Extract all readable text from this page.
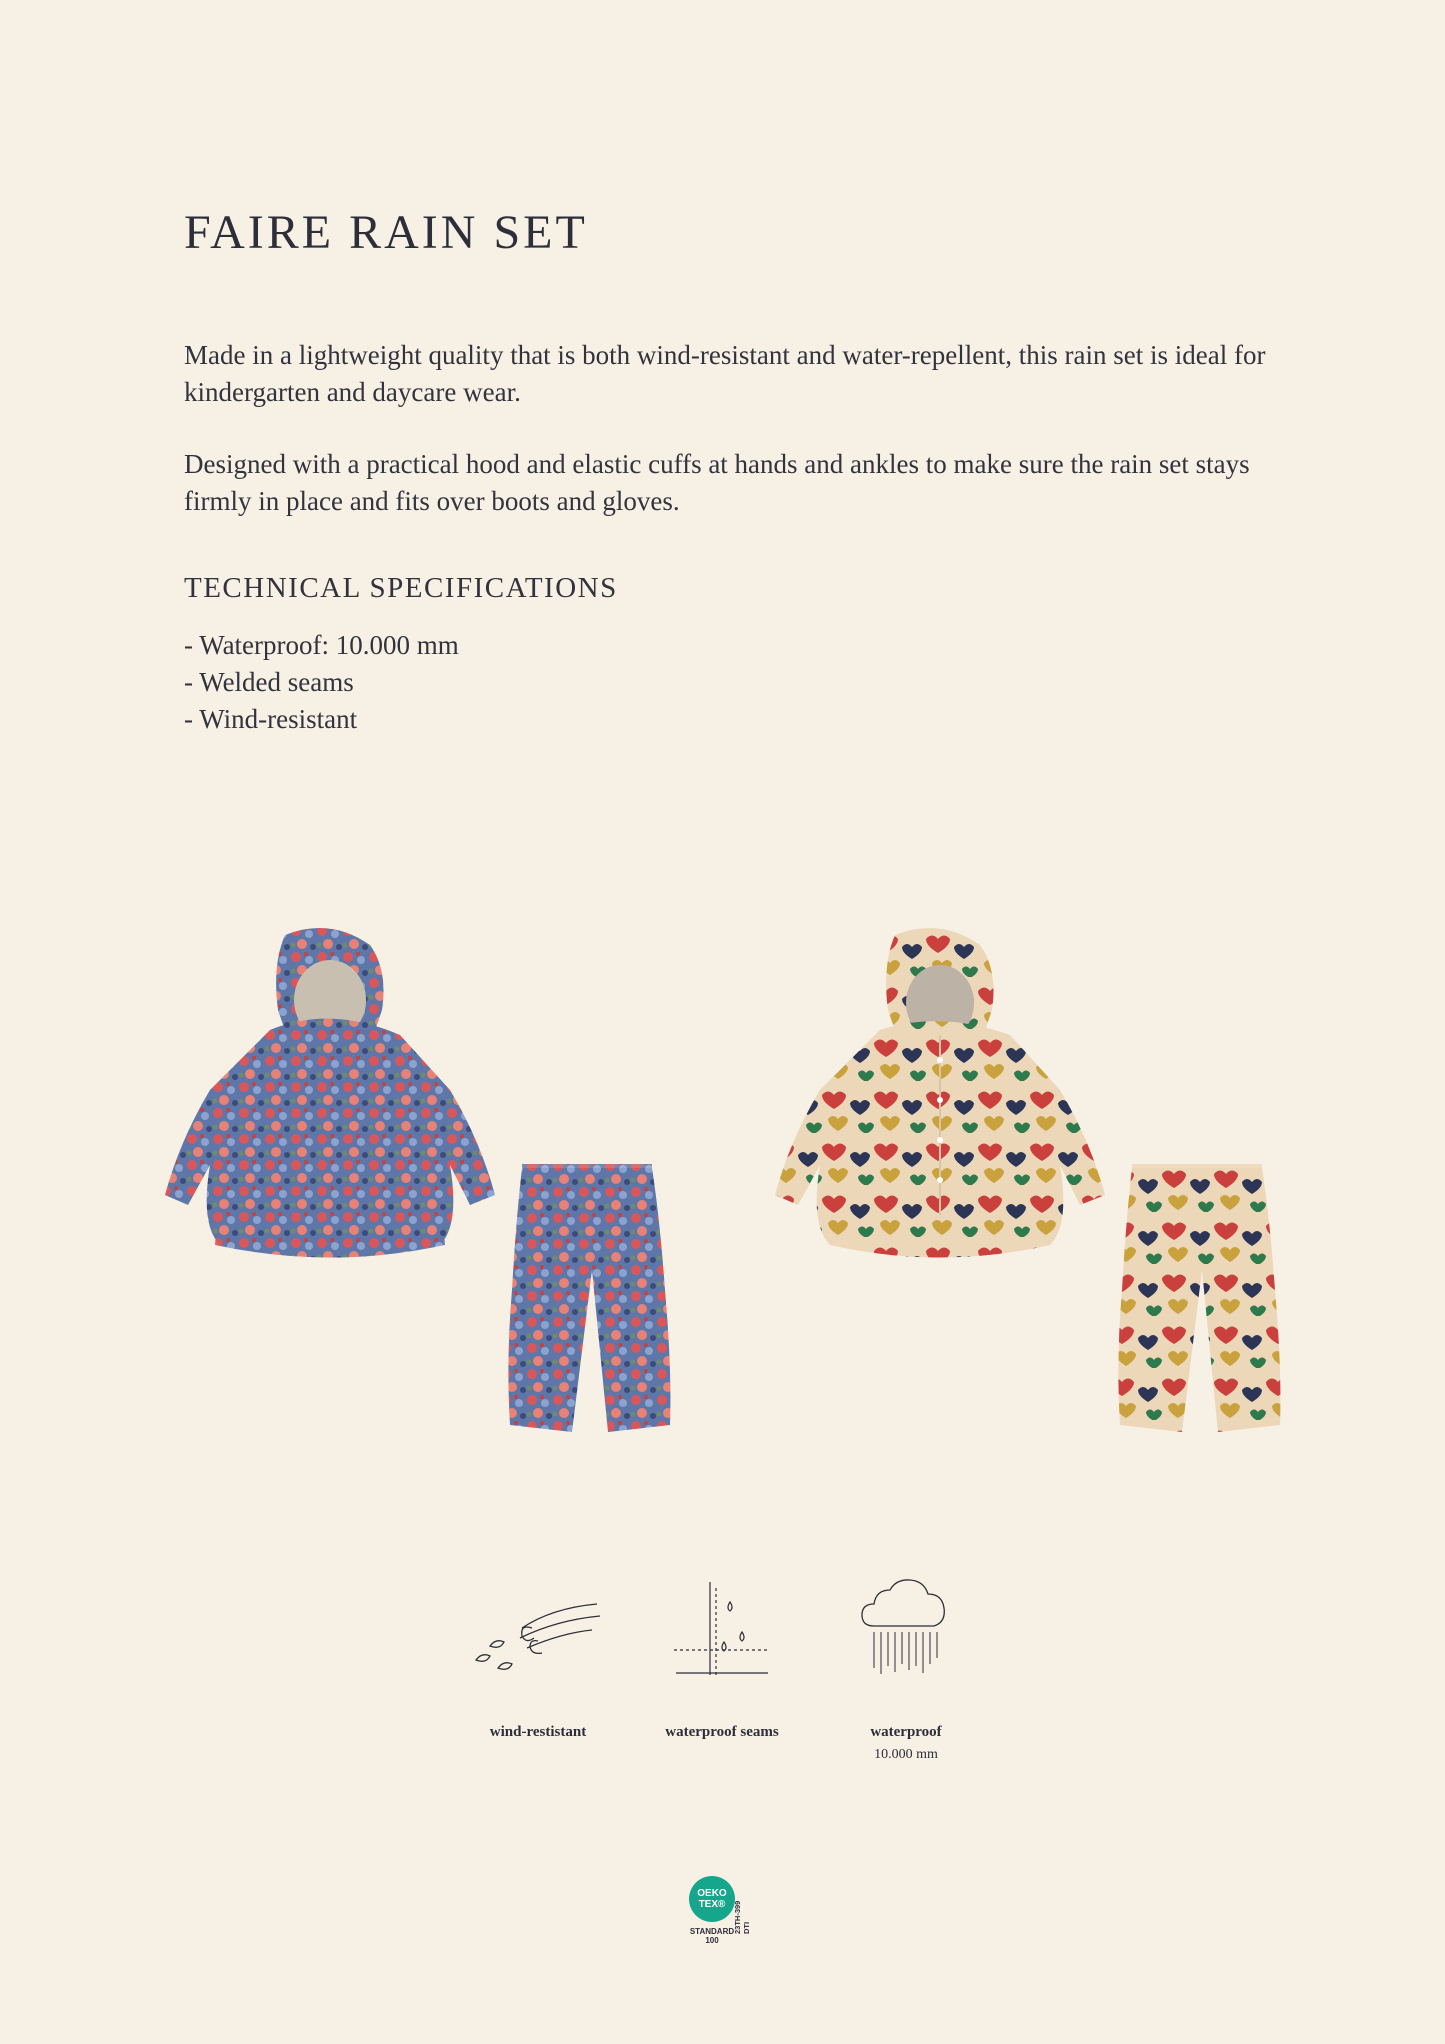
FAIRE RAIN SET

Made in a lightweight quality that is both wind-resistant and water-repellent, this rain set is ideal for kindergarten and daycare wear.

Designed with a practical hood and elastic cuffs at hands and ankles to make sure the rain set stays firmly in place and fits over boots and gloves.

TECHNICAL SPECIFICATIONS
- Waterproof: 10.000 mm
- Welded seams
- Wind-resistant
wind-restistant	waterproof seams	waterproof
10.000 mm
OEKO
TEX®
STANDARD
100
23TH-399 DTI
